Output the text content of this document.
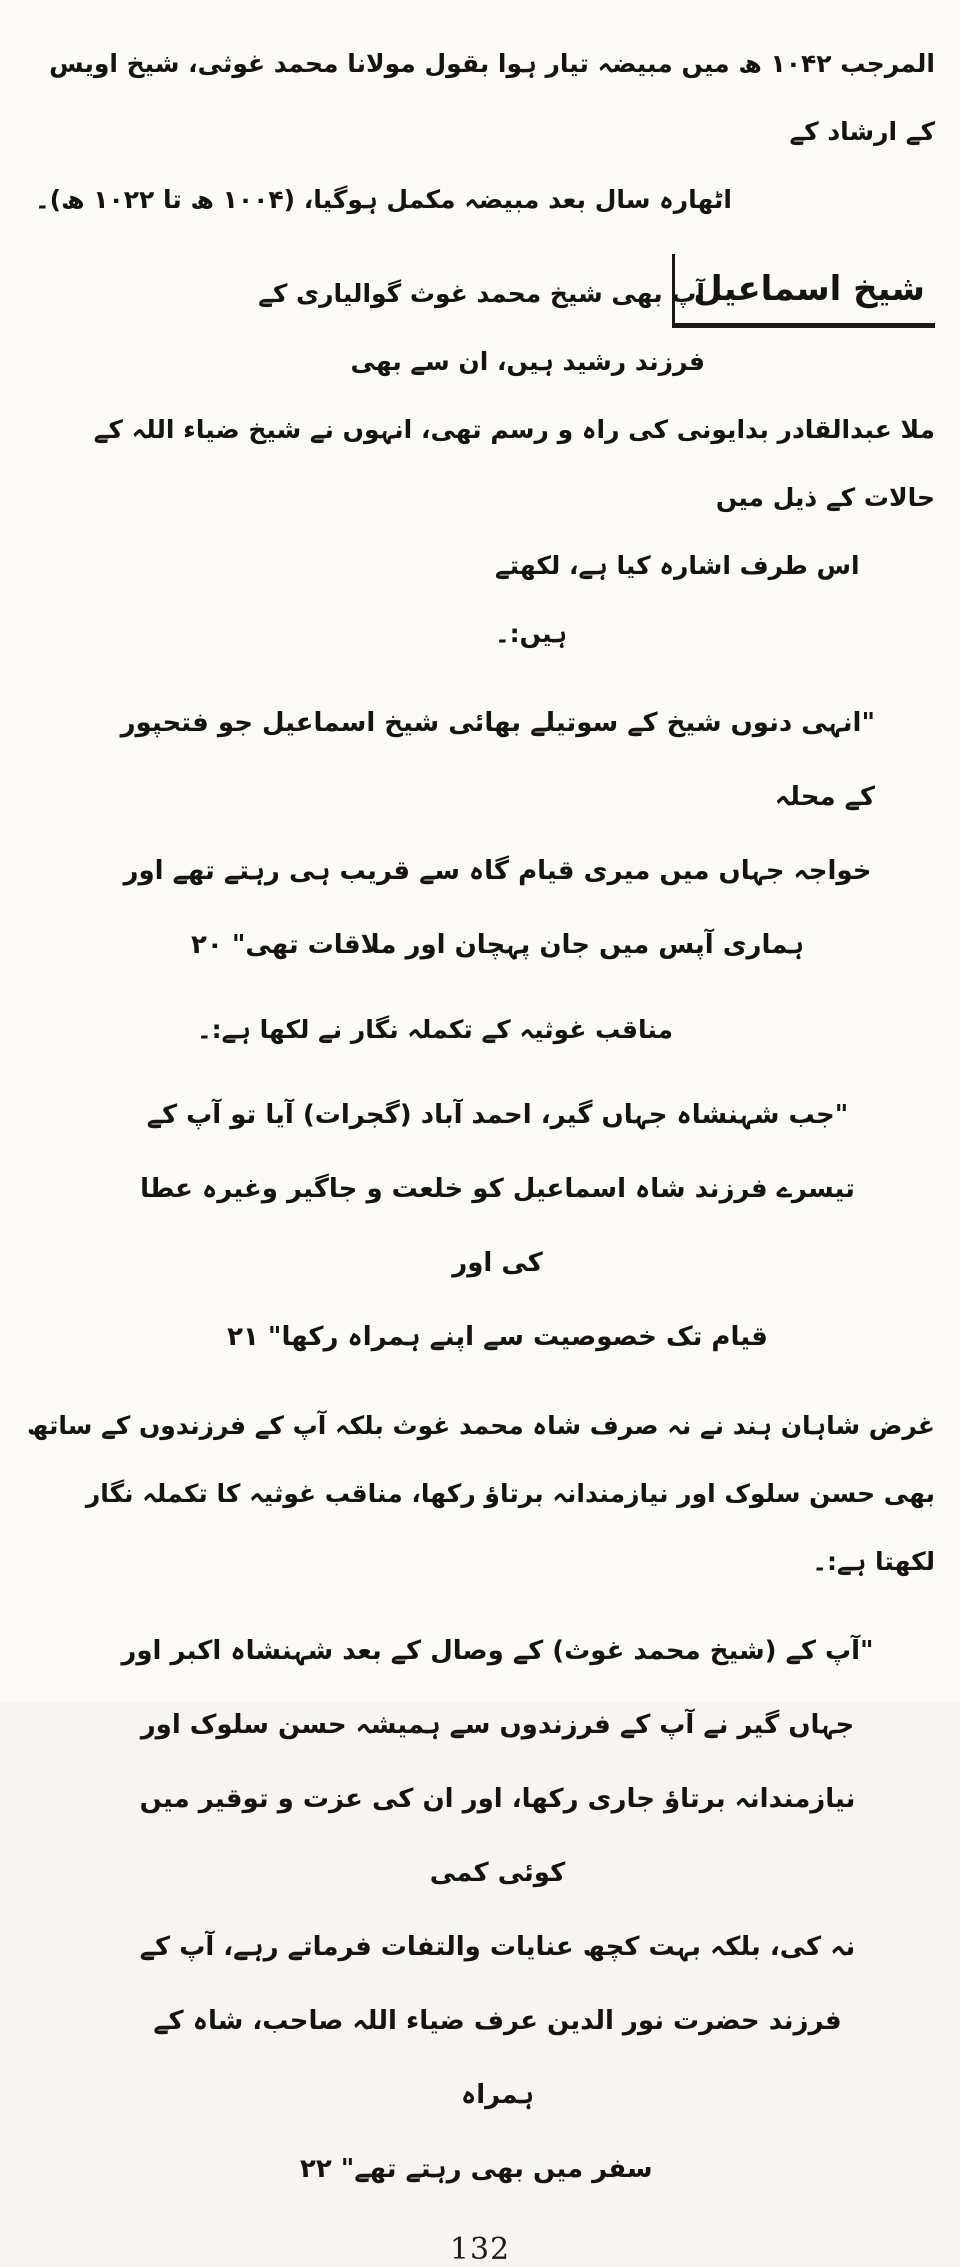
المرجب ۱۰۴۲ ھ میں مبیضہ تیار ہوا بقول مولانا محمد غوثی، شیخ اویس کے ارشاد کے
اٹھارہ سال بعد مبیضہ مکمل ہوگیا، (۱۰۰۴ ھ تا ۱۰۲۲ ھ)۔
شیخ اسماعیل
آپ بھی شیخ محمد غوث گوالیاری کے فرزند رشید ہیں، ان سے بھی
ملا عبدالقادر بدایونی کی راہ و رسم تھی، انہوں نے شیخ ضیاء اللہ کے حالات کے ذیل میں
اس طرف اشارہ کیا ہے، لکھتے ہیں:۔
"انہی دنوں شیخ کے سوتیلے بھائی شیخ اسماعیل جو فتحپور کے محلہ
خواجہ جہاں میں میری قیام گاہ سے قریب ہی رہتے تھے اور
ہماری آپس میں جان پہچان اور ملاقات تھی" ۲۰
مناقب غوثیہ کے تکملہ نگار نے لکھا ہے:۔
"جب شہنشاہ جہاں گیر، احمد آباد (گجرات) آیا تو آپ کے
تیسرے فرزند شاہ اسماعیل کو خلعت و جاگیر وغیرہ عطا کی اور
قیام تک خصوصیت سے اپنے ہمراہ رکھا" ۲۱
غرض شاہان ہند نے نہ صرف شاہ محمد غوث بلکہ آپ کے فرزندوں کے ساتھ
بھی حسن سلوک اور نیازمندانہ برتاؤ رکھا، مناقب غوثیہ کا تکملہ نگار لکھتا ہے:۔
"آپ کے (شیخ محمد غوث) کے وصال کے بعد شہنشاہ اکبر اور
جہاں گیر نے آپ کے فرزندوں سے ہمیشہ حسن سلوک اور
نیازمندانہ برتاؤ جاری رکھا، اور ان کی عزت و توقیر میں کوئی کمی
نہ کی، بلکہ بہت کچھ عنایات والتفات فرماتے رہے، آپ کے
فرزند حضرت نور الدین عرف ضیاء اللہ صاحب، شاہ کے ہمراہ
سفر میں بھی رہتے تھے" ۲۲
132
